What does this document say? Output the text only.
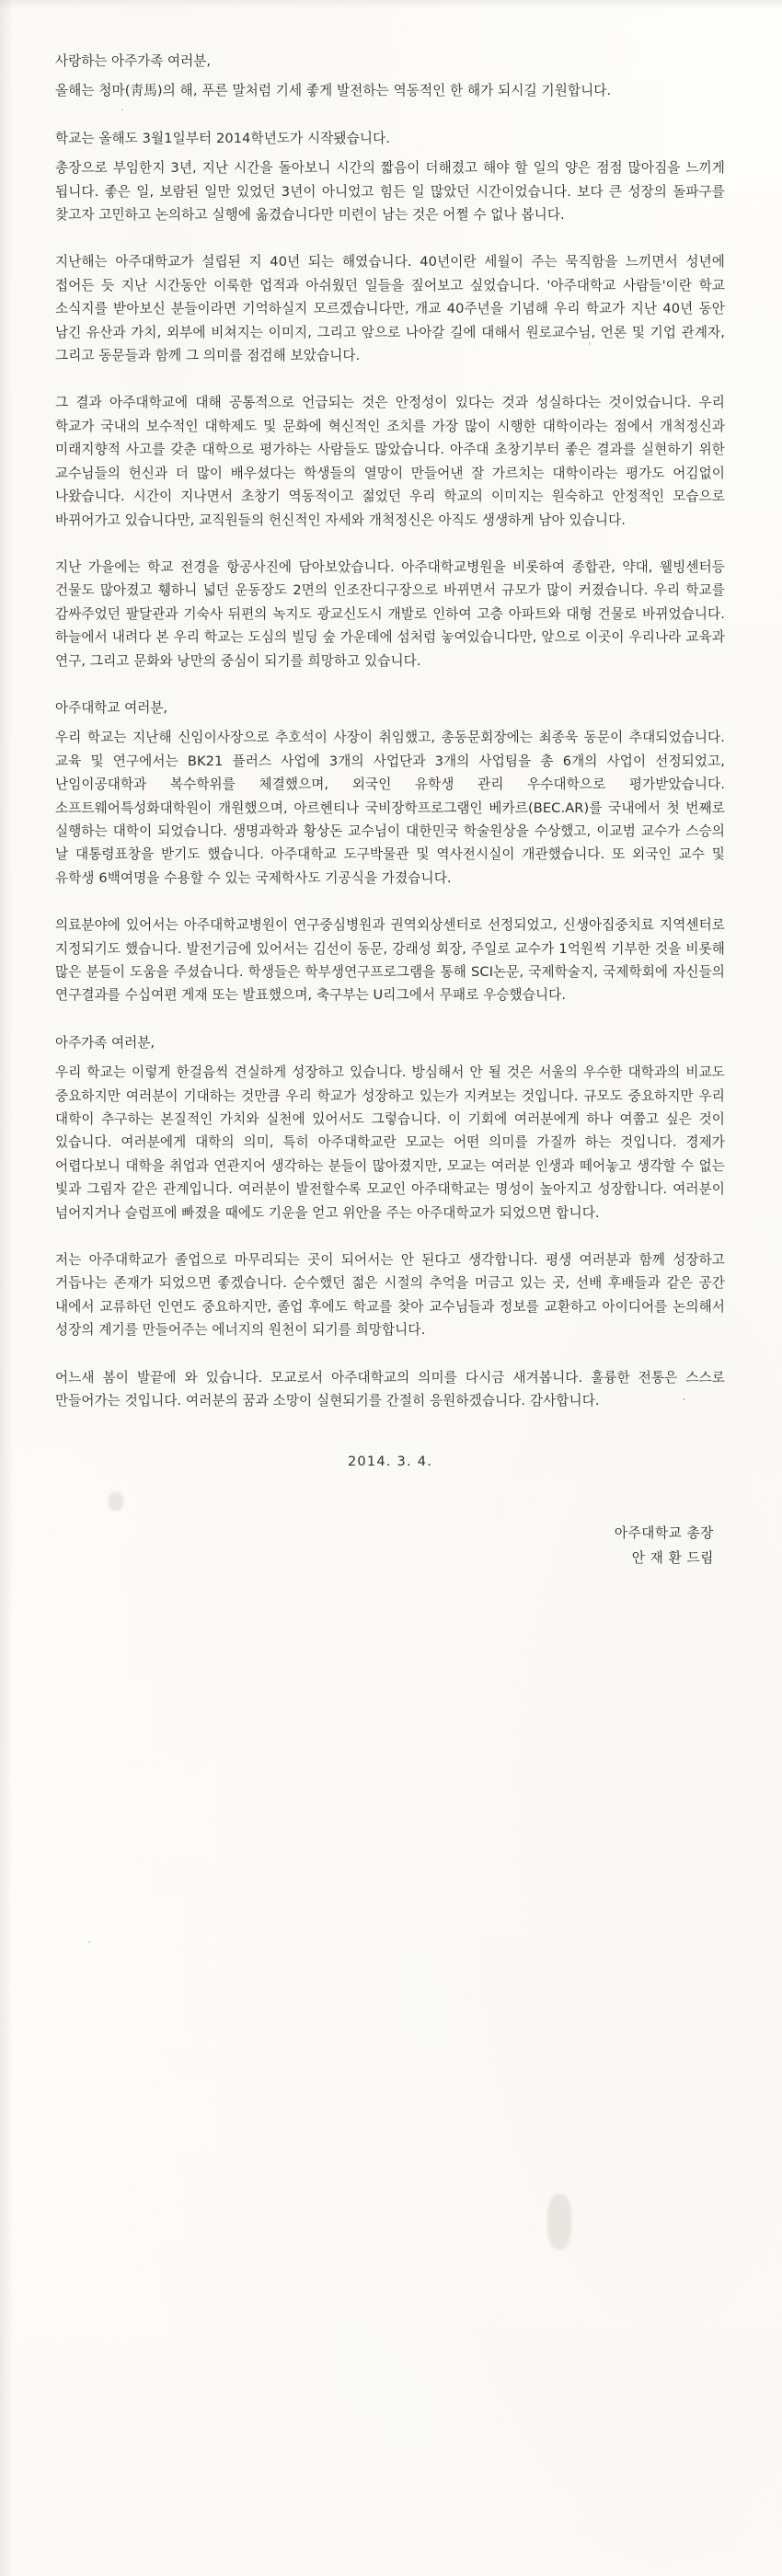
사랑하는 아주가족 여러분,

올해는 청마(靑馬)의 해, 푸른 말처럼 기세 좋게 발전하는 역동적인 한 해가 되시길 기원합니다.

학교는 올해도 3월1일부터 2014학년도가 시작됐습니다.

총장으로 부임한지 3년, 지난 시간을 돌아보니 시간의 짧음이 더해졌고 해야 할 일의 양은 점점 많아짐을 느끼게 됩니다. 좋은 일, 보람된 일만 있었던 3년이 아니었고 힘든 일 많았던 시간이었습니다. 보다 큰 성장의 돌파구를 찾고자 고민하고 논의하고 실행에 옮겼습니다만 미련이 남는 것은 어쩔 수 없나 봅니다.

지난해는 아주대학교가 설립된 지 40년 되는 해였습니다. 40년이란 세월이 주는 묵직함을 느끼면서 성년에 접어든 듯 지난 시간동안 이룩한 업적과 아쉬웠던 일들을 짚어보고 싶었습니다. '아주대학교 사람들'이란 학교 소식지를 받아보신 분들이라면 기억하실지 모르겠습니다만, 개교 40주년을 기념해 우리 학교가 지난 40년 동안 남긴 유산과 가치, 외부에 비쳐지는 이미지, 그리고 앞으로 나아갈 길에 대해서 원로교수님, 언론 및 기업 관계자, 그리고 동문들과 함께 그 의미를 점검해 보았습니다.

그 결과 아주대학교에 대해 공통적으로 언급되는 것은 안정성이 있다는 것과 성실하다는 것이었습니다. 우리 학교가 국내의 보수적인 대학제도 및 문화에 혁신적인 조치를 가장 많이 시행한 대학이라는 점에서 개척정신과 미래지향적 사고를 갖춘 대학으로 평가하는 사람들도 많았습니다. 아주대 초창기부터 좋은 결과를 실현하기 위한 교수님들의 헌신과 더 많이 배우셨다는 학생들의 열망이 만들어낸 잘 가르치는 대학이라는 평가도 어김없이 나왔습니다. 시간이 지나면서 초창기 역동적이고 젊었던 우리 학교의 이미지는 원숙하고 안정적인 모습으로 바뀌어가고 있습니다만, 교직원들의 헌신적인 자세와 개척정신은 아직도 생생하게 남아 있습니다.

지난 가을에는 학교 전경을 항공사진에 담아보았습니다. 아주대학교병원을 비롯하여 종합관, 약대, 웰빙센터등 건물도 많아졌고 휑하니 넓던 운동장도 2면의 인조잔디구장으로 바뀌면서 규모가 많이 커졌습니다. 우리 학교를 감싸주었던 팔달관과 기숙사 뒤편의 녹지도 광교신도시 개발로 인하여 고층 아파트와 대형 건물로 바뀌었습니다. 하늘에서 내려다 본 우리 학교는 도심의 빌딩 숲 가운데에 섬처럼 놓여있습니다만, 앞으로 이곳이 우리나라 교육과 연구, 그리고 문화와 낭만의 중심이 되기를 희망하고 있습니다.

아주대학교 여러분,

우리 학교는 지난해 신임이사장으로 추호석이 사장이 취임했고, 총동문회장에는 최종욱 동문이 추대되었습니다. 교육 및 연구에서는 BK21 플러스 사업에 3개의 사업단과 3개의 사업팀을 총 6개의 사업이 선정되었고, 난임이공대학과 복수학위를 체결했으며, 외국인 유학생 관리 우수대학으로 평가받았습니다. 소프트웨어특성화대학원이 개원했으며, 아르헨티나 국비장학프로그램인 베카르(BEC.AR)를 국내에서 첫 번째로 실행하는 대학이 되었습니다. 생명과학과 황상돈 교수님이 대한민국 학술원상을 수상했고, 이교범 교수가 스승의 날 대통령표창을 받기도 했습니다. 아주대학교 도구박물관 및 역사전시실이 개관했습니다. 또 외국인 교수 및 유학생 6백여명을 수용할 수 있는 국제학사도 기공식을 가졌습니다.

의료분야에 있어서는 아주대학교병원이 연구중심병원과 권역외상센터로 선정되었고, 신생아집중치료 지역센터로 지정되기도 했습니다. 발전기금에 있어서는 김선이 동문, 강래성 회장, 주일로 교수가 1억원씩 기부한 것을 비롯해 많은 분들이 도움을 주셨습니다. 학생들은 학부생연구프로그램을 통해 SCI논문, 국제학술지, 국제학회에 자신들의 연구결과를 수십여편 게재 또는 발표했으며, 축구부는 U리그에서 무패로 우승했습니다.

아주가족 여러분,

우리 학교는 이렇게 한걸음씩 견실하게 성장하고 있습니다. 방심해서 안 될 것은 서울의 우수한 대학과의 비교도 중요하지만 여러분이 기대하는 것만큼 우리 학교가 성장하고 있는가 지켜보는 것입니다. 규모도 중요하지만 우리 대학이 추구하는 본질적인 가치와 실천에 있어서도 그렇습니다. 이 기회에 여러분에게 하나 여쭙고 싶은 것이 있습니다. 여러분에게 대학의 의미, 특히 아주대학교란 모교는 어떤 의미를 가질까 하는 것입니다. 경제가 어렵다보니 대학을 취업과 연관지어 생각하는 분들이 많아졌지만, 모교는 여러분 인생과 떼어놓고 생각할 수 없는 빛과 그림자 같은 관계입니다. 여러분이 발전할수록 모교인 아주대학교는 명성이 높아지고 성장합니다. 여러분이 넘어지거나 슬럼프에 빠졌을 때에도 기운을 얻고 위안을 주는 아주대학교가 되었으면 합니다.

저는 아주대학교가 졸업으로 마무리되는 곳이 되어서는 안 된다고 생각합니다. 평생 여러분과 함께 성장하고 거듭나는 존재가 되었으면 좋겠습니다. 순수했던 젊은 시절의 추억을 머금고 있는 곳, 선배 후배들과 같은 공간 내에서 교류하던 인연도 중요하지만, 졸업 후에도 학교를 찾아 교수님들과 정보를 교환하고 아이디어를 논의해서 성장의 계기를 만들어주는 에너지의 원천이 되기를 희망합니다.

어느새 봄이 발끝에 와 있습니다. 모교로서 아주대학교의 의미를 다시금 새겨봅니다. 훌륭한 전통은 스스로 만들어가는 것입니다. 여러분의 꿈과 소망이 실현되기를 간절히 응원하겠습니다. 감사합니다.

2014. 3. 4.
아주대학교 총장
안 재 환 드림
